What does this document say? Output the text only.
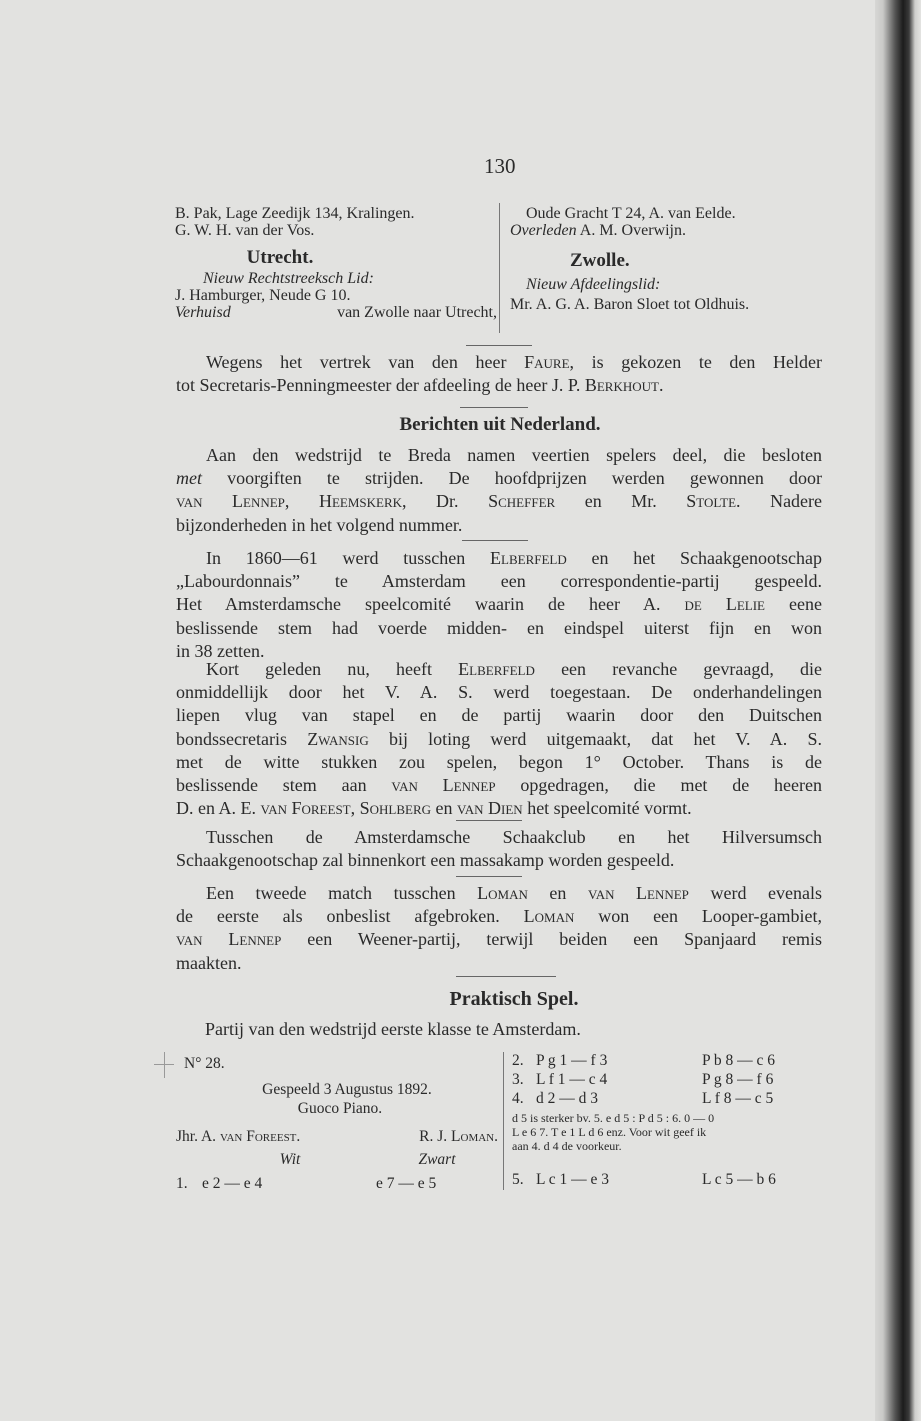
130
B. Pak, Lage Zeedijk 134, Kralingen.
G. W. H. van der Vos.
Utrecht.
Nieuw Rechtstreeksch Lid:
J. Hamburger, Neude G 10.
Verhuisd	van Zwolle naar Utrecht,
Oude Gracht T 24, A. van Eelde.
Overleden A. M. Overwijn.
Zwolle.
Nieuw Afdeelingslid:
Mr. A. G. A. Baron Sloet tot Oldhuis.
Wegens het vertrek van den heer Faure, is gekozen te den Helder
tot Secretaris-Penningmeester der afdeeling de heer J. P. Berkhout.
Berichten uit Nederland.
Aan den wedstrijd te Breda namen veertien spelers deel, die besloten
met voorgiften te strijden. De hoofdprijzen werden gewonnen door
van Lennep, Heemskerk, Dr. Scheffer en Mr. Stolte. Nadere
bijzonderheden in het volgend nummer.
In 1860—61 werd tusschen Elberfeld en het Schaakgenootschap
„Labourdonnais” te Amsterdam een correspondentie-partij gespeeld.
Het Amsterdamsche speelcomité waarin de heer A. de Lelie eene
beslissende stem had voerde midden- en eindspel uiterst fijn en won
in 38 zetten.
Kort geleden nu, heeft Elberfeld een revanche gevraagd, die
onmiddellijk door het V. A. S. werd toegestaan. De onderhandelingen
liepen vlug van stapel en de partij waarin door den Duitschen
bondssecretaris Zwansig bij loting werd uitgemaakt, dat het V. A. S.
met de witte stukken zou spelen, begon 1° October. Thans is de
beslissende stem aan van Lennep opgedragen, die met de heeren
D. en A. E. van Foreest, Sohlberg en van Dien het speelcomité vormt.
Tusschen de Amsterdamsche Schaakclub en het Hilversumsch
Schaakgenootschap zal binnenkort een massakamp worden gespeeld.
Een tweede match tusschen Loman en van Lennep werd evenals
de eerste als onbeslist afgebroken. Loman won een Looper-gambiet,
van Lennep een Weener-partij, terwijl beiden een Spanjaard remis
maakten.
Praktisch Spel.
Partij van den wedstrijd eerste klasse te Amsterdam.
N° 28.
Gespeeld 3 Augustus 1892.
Guoco Piano.
Jhr. A. van Foreest.	R. J. Loman.
Wit	Zwart
1. e 2 — e 4	e 7 — e 5
2. P g 1 — f 3	P b 8 — c 6
3. L f 1 — c 4	P g 8 — f 6
4. d 2 — d 3	L f 8 — c 5
d 5 is sterker bv. 5. e d 5 : P d 5 : 6. 0 — 0
L e 6 7. T e 1 L d 6 enz. Voor wit geef ik
aan 4. d 4 de voorkeur.
5. L c 1 — e 3	L c 5 — b 6
